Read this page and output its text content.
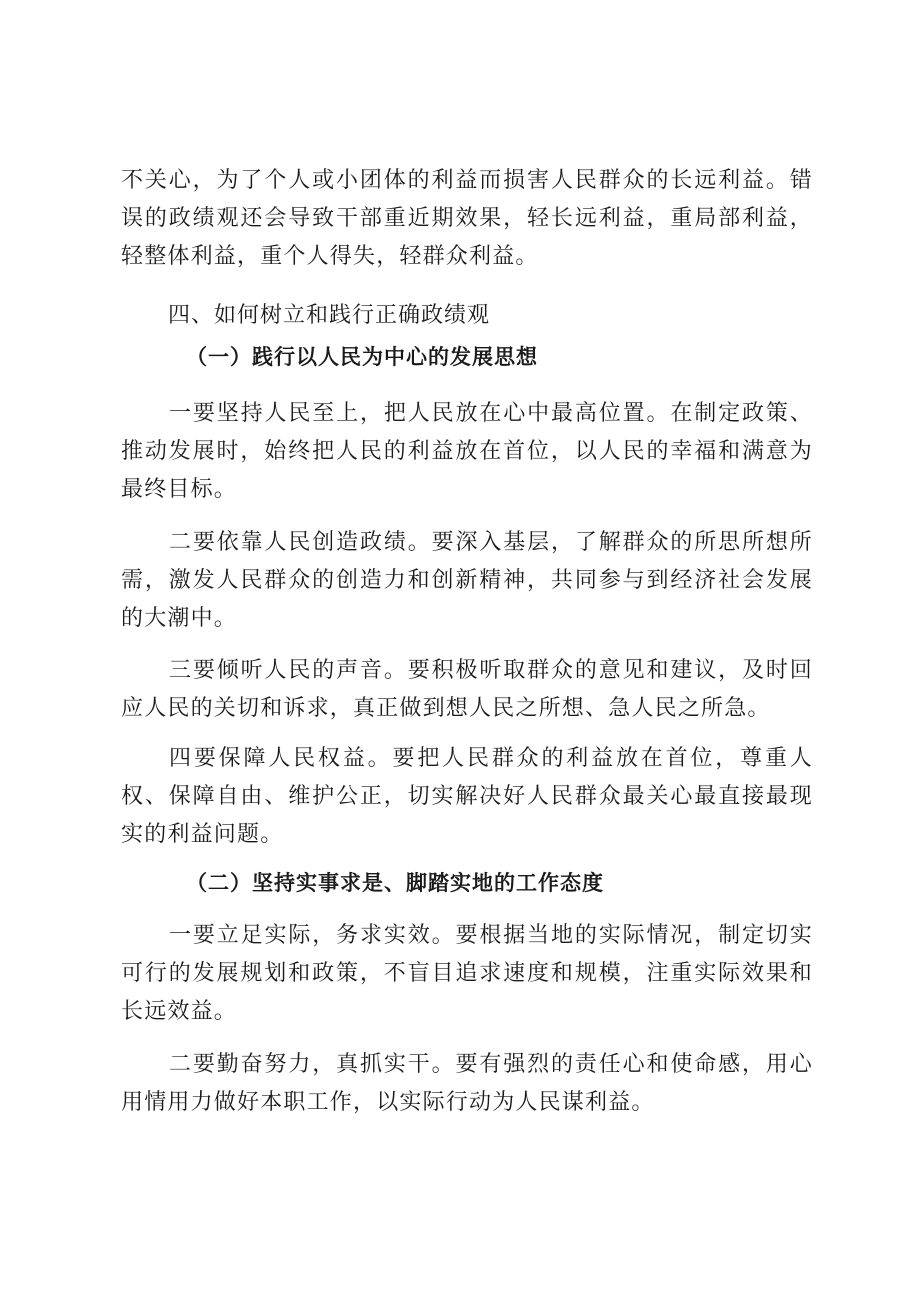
不关心，为了个人或小团体的利益而损害人民群众的长远利益。错误的政绩观还会导致干部重近期效果，轻长远利益，重局部利益，轻整体利益，重个人得失，轻群众利益。

四、如何树立和践行正确政绩观
（一）践行以人民为中心的发展思想

一要坚持人民至上，把人民放在心中最高位置。在制定政策、推动发展时，始终把人民的利益放在首位，以人民的幸福和满意为最终目标。

二要依靠人民创造政绩。要深入基层，了解群众的所思所想所需，激发人民群众的创造力和创新精神，共同参与到经济社会发展的大潮中。

三要倾听人民的声音。要积极听取群众的意见和建议，及时回应人民的关切和诉求，真正做到想人民之所想、急人民之所急。

四要保障人民权益。要把人民群众的利益放在首位，尊重人权、保障自由、维护公正，切实解决好人民群众最关心最直接最现实的利益问题。

（二）坚持实事求是、脚踏实地的工作态度

一要立足实际，务求实效。要根据当地的实际情况，制定切实可行的发展规划和政策，不盲目追求速度和规模，注重实际效果和长远效益。

二要勤奋努力，真抓实干。要有强烈的责任心和使命感，用心用情用力做好本职工作，以实际行动为人民谋利益。
